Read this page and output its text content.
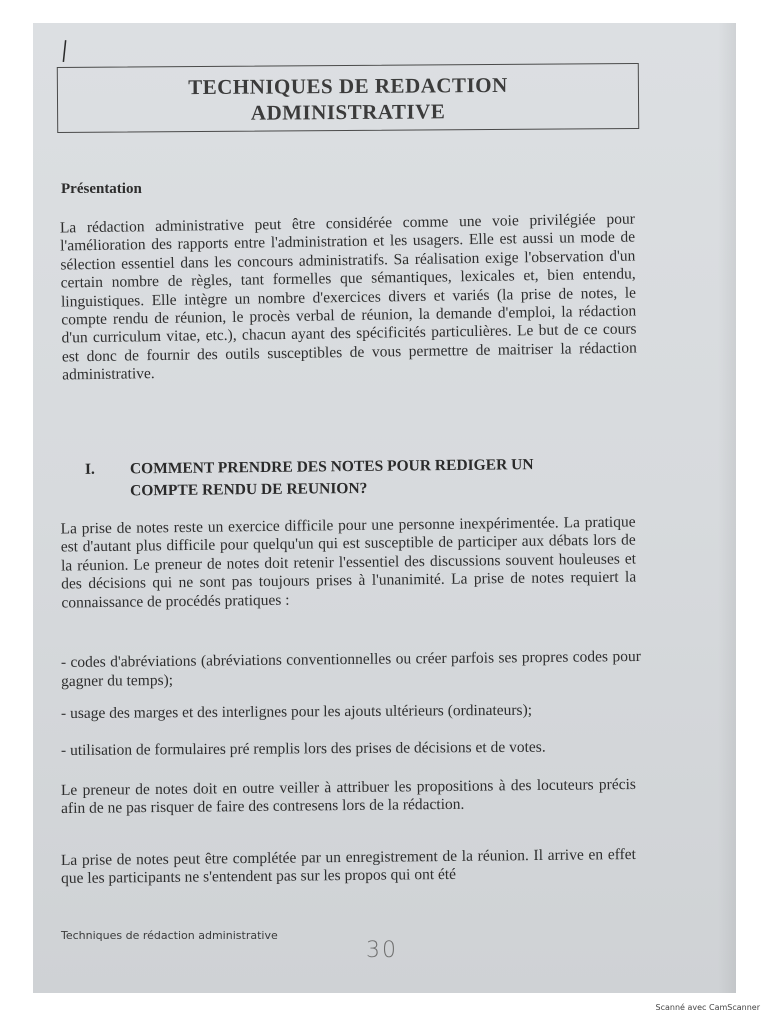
I
TECHNIQUES DE REDACTION
ADMINISTRATIVE
Présentation
La rédaction administrative peut être considérée comme une voie privilégiée pour l'amélioration des rapports entre l'administration et les usagers. Elle est aussi un mode de sélection essentiel dans les concours administratifs. Sa réalisation exige l'observation d'un certain nombre de règles, tant formelles que sémantiques, lexicales et, bien entendu, linguistiques. Elle intègre un nombre d'exercices divers et variés (la prise de notes, le compte rendu de réunion, le procès verbal de réunion, la demande d'emploi, la rédaction d'un curriculum vitae, etc.), chacun ayant des spécificités particulières. Le but de ce cours est donc de fournir des outils susceptibles de vous permettre de maitriser la rédaction administrative.
I. COMMENT PRENDRE DES NOTES POUR REDIGER UN
COMPTE RENDU DE REUNION?
La prise de notes reste un exercice difficile pour une personne inexpérimentée. La pratique est d'autant plus difficile pour quelqu'un qui est susceptible de participer aux débats lors de la réunion. Le preneur de notes doit retenir l'essentiel des discussions souvent houleuses et des décisions qui ne sont pas toujours prises à l'unanimité. La prise de notes requiert la connaissance de procédés pratiques :
- codes d'abréviations (abréviations conventionnelles ou créer parfois ses propres codes pour gagner du temps);
- usage des marges et des interlignes pour les ajouts ultérieurs (ordinateurs);
- utilisation de formulaires pré remplis lors des prises de décisions et de votes.
Le preneur de notes doit en outre veiller à attribuer les propositions à des locuteurs précis afin de ne pas risquer de faire des contresens lors de la rédaction.
La prise de notes peut être complétée par un enregistrement de la réunion. Il arrive en effet que les participants ne s'entendent pas sur les propos qui ont été
Techniques de rédaction administrative
30
Scanné avec CamScanner
